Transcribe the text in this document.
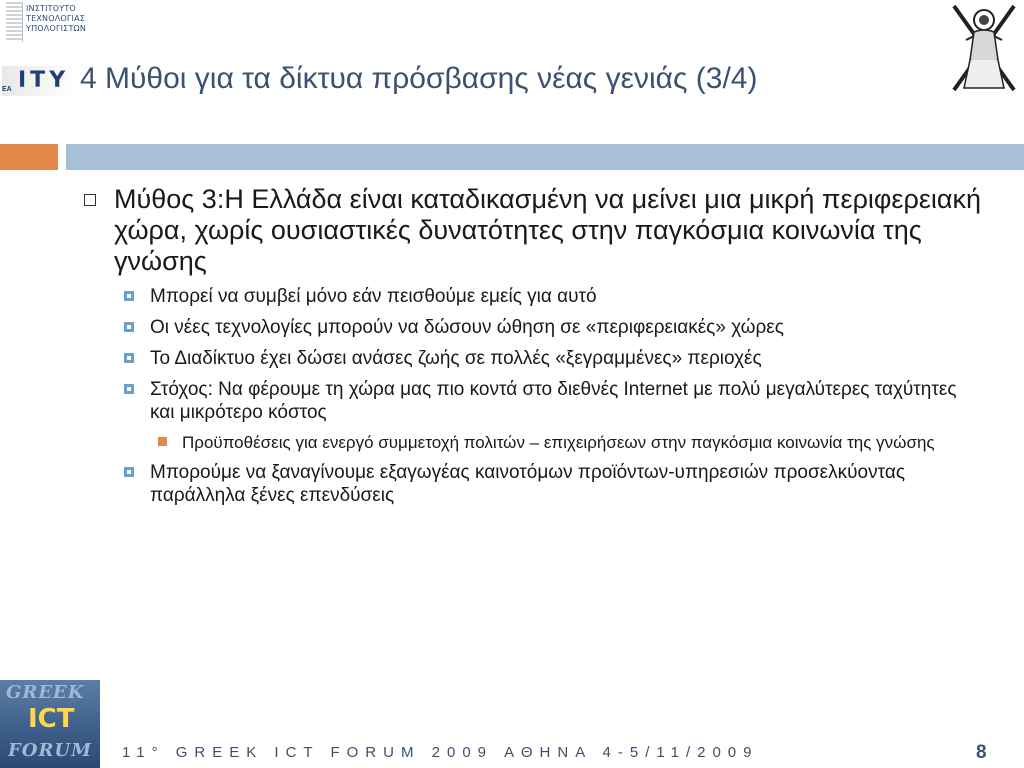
ΙΝΣΤΙΤΟΥΤΟ
ΤΕΧΝΟΛΟΓΙΑΣ
ΥΠΟΛΟΓΙΣΤΩΝ
ΕΑ ΙΤΥ 4 Μύθοι για τα δίκτυα πρόσβασης νέας γενιάς (3/4)
Μύθος 3:Η Ελλάδα είναι καταδικασμένη να μείνει μια μικρή περιφερειακή χώρα, χωρίς ουσιαστικές δυνατότητες στην παγκόσμια κοινωνία της γνώσης
Μπορεί να συμβεί μόνο εάν πεισθούμε εμείς για αυτό
Οι νέες τεχνολογίες μπορούν να δώσουν ώθηση σε «περιφερειακές» χώρες
Το Διαδίκτυο έχει δώσει ανάσες ζωής σε πολλές «ξεγραμμένες» περιοχές
Στόχος: Να φέρουμε τη χώρα μας πιο κοντά στο διεθνές Internet με πολύ μεγαλύτερες ταχύτητες και μικρότερο κόστος
Προϋποθέσεις για ενεργό συμμετοχή πολιτών – επιχειρήσεων στην παγκόσμια κοινωνία της γνώσης
Μπορούμε να ξαναγίνουμε εξαγωγέας καινοτόμων προϊόντων-υπηρεσιών προσελκύοντας παράλληλα ξένες επενδύσεις
GREEK
ICT
FORUM 11° GREEK ICT FORUM 2009 ΑΘΗΝΑ 4-5/11/2009	8
